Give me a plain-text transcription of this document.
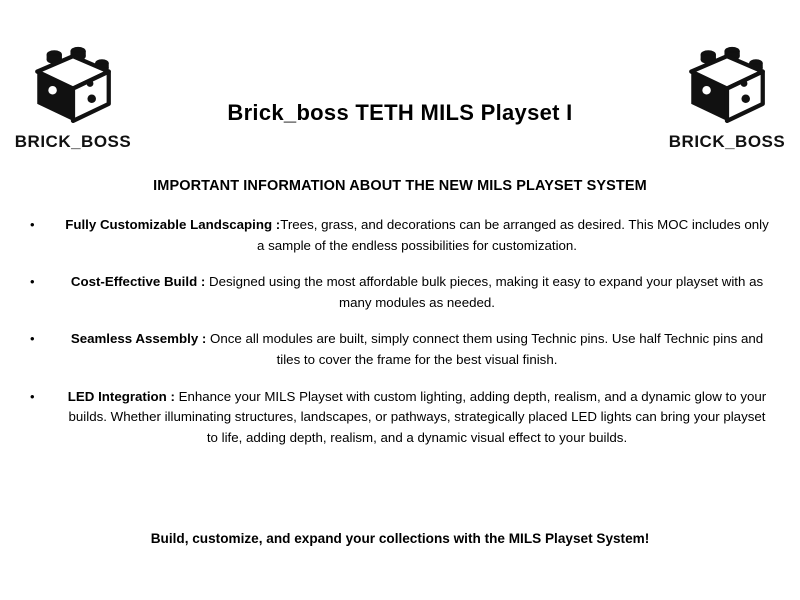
BRICK_BOSS	BRICK_BOSS
Brick_boss TETH MILS Playset I
IMPORTANT INFORMATION ABOUT THE NEW MILS PLAYSET SYSTEM
• Fully Customizable Landscaping :Trees, grass, and decorations can be arranged as desired. This MOC includes only a sample of the endless possibilities for customization.
• Cost-Effective Build : Designed using the most affordable bulk pieces, making it easy to expand your playset with as many modules as needed.
• Seamless Assembly : Once all modules are built, simply connect them using Technic pins. Use half Technic pins and tiles to cover the frame for the best visual finish.
• LED Integration : Enhance your MILS Playset with custom lighting, adding depth, realism, and a dynamic glow to your builds. Whether illuminating structures, landscapes, or pathways, strategically placed LED lights can bring your playset to life, adding depth, realism, and a dynamic visual effect to your builds.
Build, customize, and expand your collections with the MILS Playset System!
